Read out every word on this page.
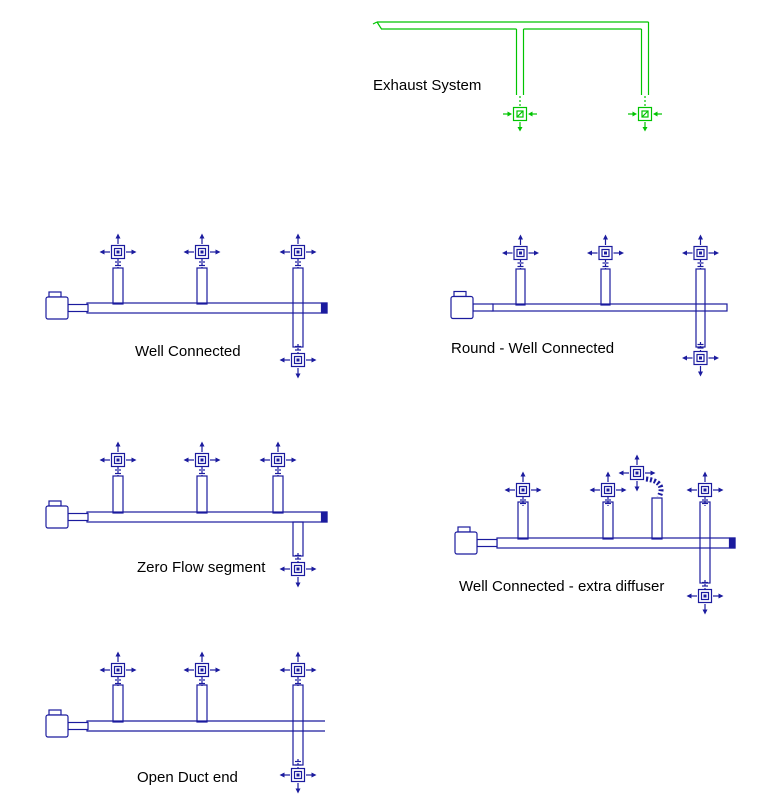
Exhaust System
Well Connected	Round - Well Connected
Zero Flow segment
Well Connected - extra diffuser
Open Duct end
